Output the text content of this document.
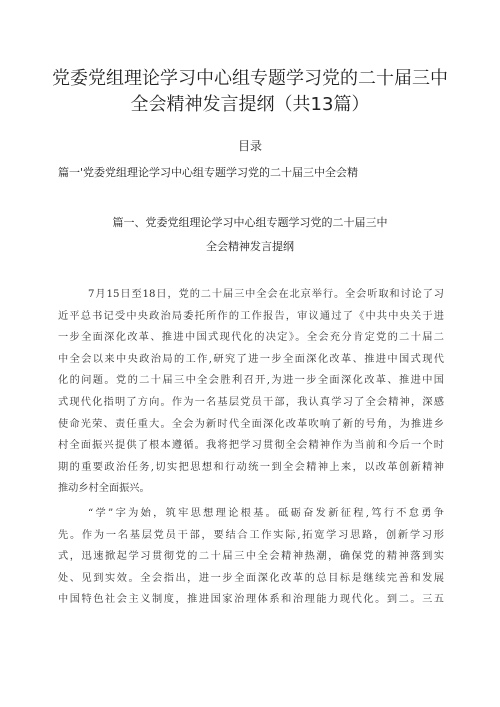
党委党组理论学习中心组专题学习党的二十届三中
全会精神发言提纲（共13篇）
目录
篇一'党委党组理论学习中心组专题学习党的二十届三中全会精
篇一、党委党组理论学习中心组专题学习党的二十届三中
全会精神发言提纲
7月15日至18日，党的二十届三中全会在北京举行。全会听取和讨论了习
近平总书记受中央政治局委托所作的工作报告，审议通过了《中共中央关于进
一步全面深化改革、推进中国式现代化的决定》。全会充分肯定党的二十届二
中全会以来中央政治局的工作,研究了进一步全面深化改革、推进中国式现代
化的问题。党的二十届三中全会胜利召开,为进一步全面深化改革、推进中国
式现代化指明了方向。作为一名基层党员干部，我认真学习了全会精神，深感
使命光荣、责任重大。全会为新时代全面深化改革吹响了新的号角，为推进乡
村全面振兴提供了根本遵循。我将把学习贯彻全会精神作为当前和今后一个时
期的重要政治任务,切实把思想和行动统一到全会精神上来，以改革创新精神
推动乡村全面振兴。
“学”字为始，筑牢思想理论根基。砥砺奋发新征程,笃行不怠勇争
先。作为一名基层党员干部，要结合工作实际,拓宽学习思路，创新学习形
式，迅速掀起学习贯彻党的二十届三中全会精神热潮，确保党的精神落到实
处、见到实效。全会指出，进一步全面深化改革的总目标是继续完善和发展
中国特色社会主义制度，推进国家治理体系和治理能力现代化。到二。三五
